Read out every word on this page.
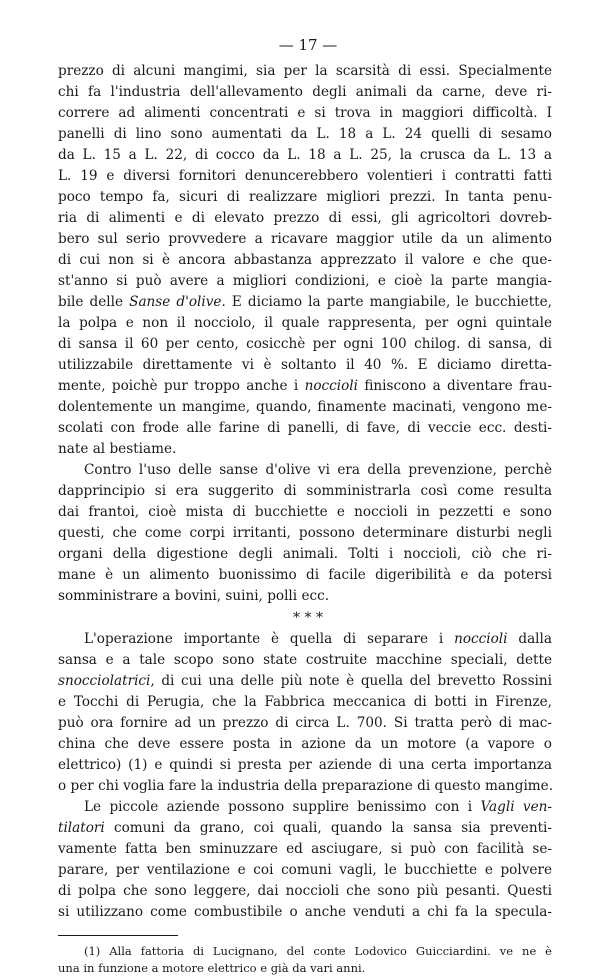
— 17 —
prezzo di alcuni mangimi, sia per la scarsità di essi. Specialmente
chi fa l'industria dell'allevamento degli animali da carne, deve ri-
correre ad alimenti concentrati e si trova in maggiori difficoltà. I
panelli di lino sono aumentati da L. 18 a L. 24 quelli di sesamo
da L. 15 a L. 22, di cocco da L. 18 a L. 25, la crusca da L. 13 a
L. 19 e diversi fornitori denuncerebbero volentieri i contratti fatti
poco tempo fa, sicuri di realizzare migliori prezzi. In tanta penu-
ria di alimenti e di elevato prezzo di essi, gli agricoltori dovreb-
bero sul serio provvedere a ricavare maggior utile da un alimento
di cui non si è ancora abbastanza apprezzato il valore e che que-
st'anno si può avere a migliori condizioni, e cioè la parte mangia-
bile delle Sanse d'olive. E diciamo la parte mangiabile, le bucchiette,
la polpa e non il nocciolo, il quale rappresenta, per ogni quintale
di sansa il 60 per cento, cosicchè per ogni 100 chilog. di sansa, di
utilizzabile direttamente vi è soltanto il 40 %. E diciamo diretta-
mente, poichè pur troppo anche i noccioli finiscono a diventare frau-
dolentemente un mangime, quando, finamente macinati, vengono me-
scolati con frode alle farine di panelli, di fave, di veccie ecc. desti-
nate al bestiame.
Contro l'uso delle sanse d'olive vi era della prevenzione, perchè
dapprincipio si era suggerito di somministrarla così come resulta
dai frantoi, cioè mista di bucchiette e noccioli in pezzetti e sono
questi, che come corpi irritanti, possono determinare disturbi negli
organi della digestione degli animali. Tolti i noccioli, ciò che ri-
mane è un alimento buonissimo di facile digeribilità e da potersi
somministrare a bovini, suini, polli ecc.
* * *
L'operazione importante è quella di separare i noccioli dalla
sansa e a tale scopo sono state costruite macchine speciali, dette
snocciolatrici, di cui una delle più note è quella del brevetto Rossini
e Tocchi di Perugia, che la Fabbrica meccanica di botti in Firenze,
può ora fornire ad un prezzo di circa L. 700. Si tratta però di mac-
china che deve essere posta in azione da un motore (a vapore o
elettrico) (1) e quindi si presta per aziende di una certa importanza
o per chi voglia fare la industria della preparazione di questo mangime.
Le piccole aziende possono supplire benissimo con i Vagli ven-
tilatori comuni da grano, coi quali, quando la sansa sia preventi-
vamente fatta ben sminuzzare ed asciugare, si può con facilità se-
parare, per ventilazione e coi comuni vagli, le bucchiette e polvere
di polpa che sono leggere, dai noccioli che sono più pesanti. Questi
si utilizzano come combustibile o anche venduti a chi fa la specula-
(1) Alla fattoria di Lucignano, del conte Lodovico Guicciardini. ve ne è
una in funzione a motore elettrico e già da vari anni.
